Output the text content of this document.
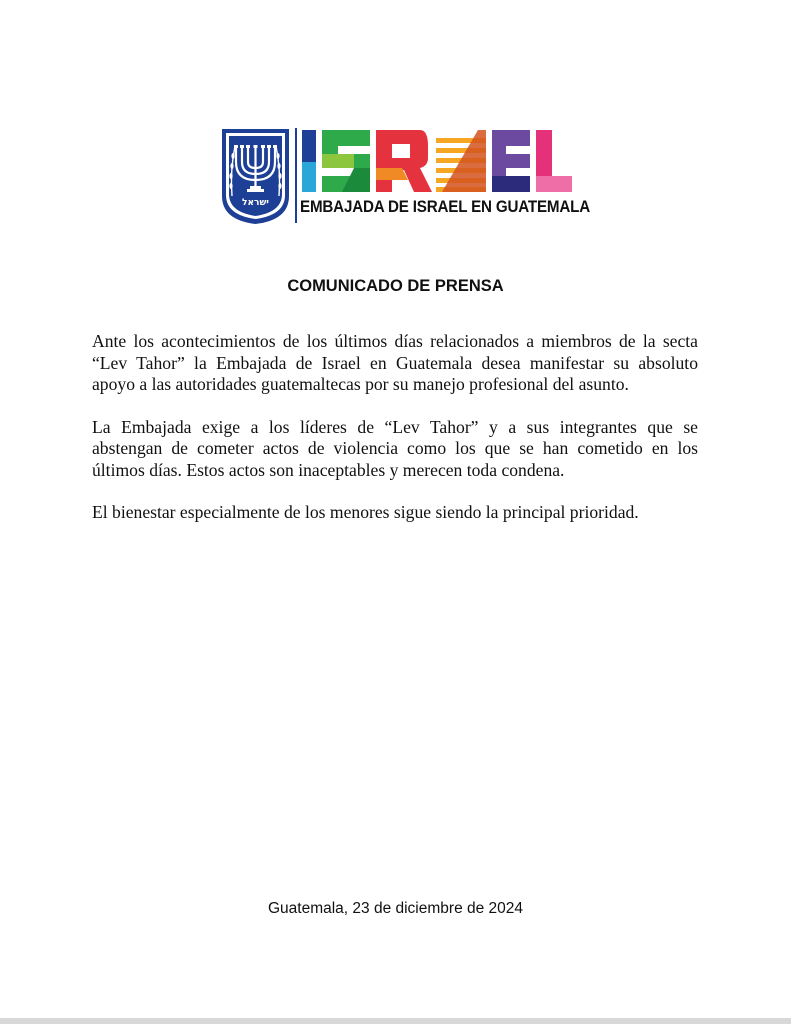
ישראל EMBAJADA DE ISRAEL EN GUATEMALA
COMUNICADO DE PRENSA
Ante los acontecimientos de los últimos días relacionados a miembros de la secta
“Lev Tahor” la Embajada de Israel en Guatemala desea manifestar su absoluto
apoyo a las autoridades guatemaltecas por su manejo profesional del asunto.
La Embajada exige a los líderes de “Lev Tahor” y a sus integrantes que se
abstengan de cometer actos de violencia como los que se han cometido en los
últimos días. Estos actos son inaceptables y merecen toda condena.
El bienestar especialmente de los menores sigue siendo la principal prioridad.
Guatemala, 23 de diciembre de 2024
